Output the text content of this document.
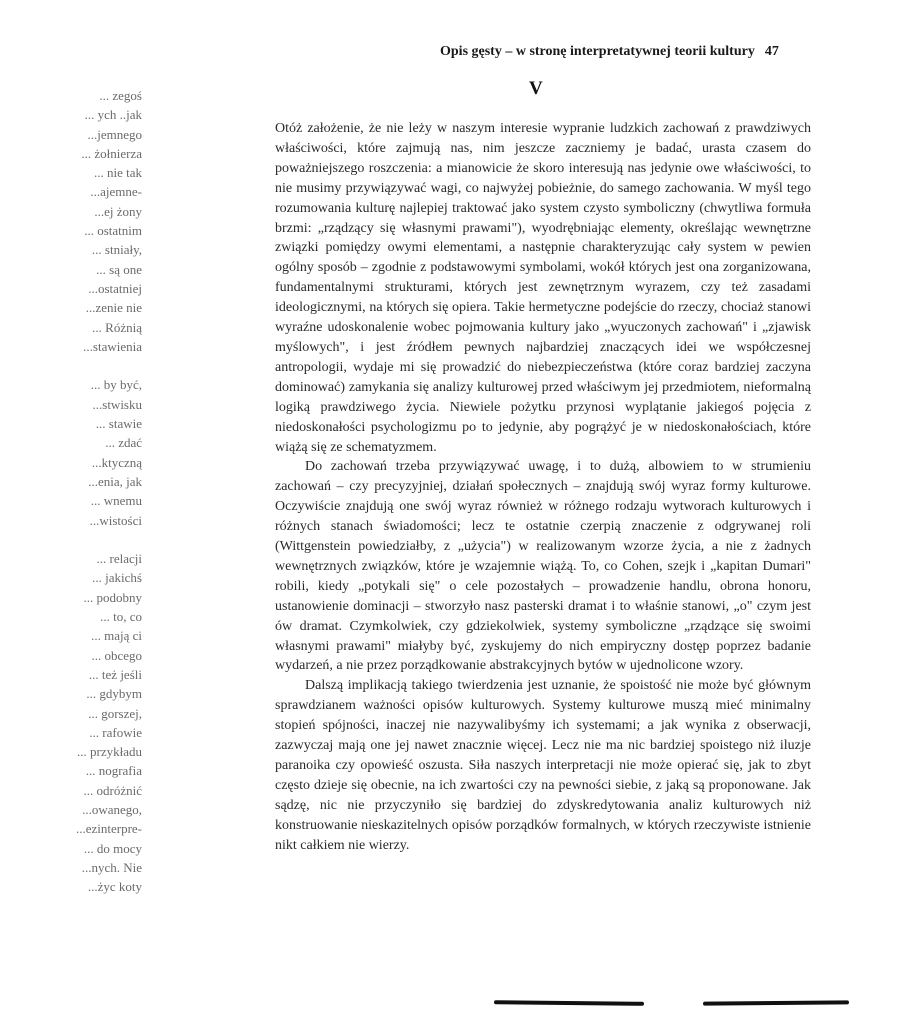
... zegoś
... ych ..jak
...jemnego
... żołnierza
... nie tak
...ajemne-
...ej żony
... ostatnim
... stniały,
... są one
...ostatniej
...zenie nie
... Różnią
...stawienia
... by być,
...stwisku
... stawie
... zdać
...ktyczną
...enia, jak
... wnemu
...wistości
... relacji
... jakichś
... podobny
... to, co
... mają ci
... obcego
... też jeśli
... gdybym
... gorszej,
... rafowie
... przykładu
... nografia
... odróżnić
...owanego,
...ezinterpre-
... do mocy
...nych. Nie
...życ koty
Opis gęsty – w stronę interpretatywnej teorii kultury 47
V

Otóż założenie, że nie leży w naszym interesie wypranie ludzkich zachowań z prawdziwych właściwości, które zajmują nas, nim jeszcze zaczniemy je badać, urasta czasem do poważniejszego roszczenia: a mianowicie że skoro interesują nas jedynie owe właściwości, to nie musimy przywiązywać wagi, co najwyżej pobieżnie, do samego zachowania. W myśl tego rozumowania kulturę najlepiej traktować jako system czysto symboliczny (chwytliwa formuła brzmi: „rządzący się własnymi prawami"), wyodrębniając elementy, określając wewnętrzne związki pomiędzy owymi elementami, a następnie charakteryzując cały system w pewien ogólny sposób – zgodnie z podstawowymi symbolami, wokół których jest ona zorganizowana, fundamentalnymi strukturami, których jest zewnętrznym wyrazem, czy też zasadami ideologicznymi, na których się opiera. Takie hermetyczne podejście do rzeczy, chociaż stanowi wyraźne udoskonalenie wobec pojmowania kultury jako „wyuczonych zachowań" i „zjawisk myślowych", i jest źródłem pewnych najbardziej znaczących idei we współczesnej antropologii, wydaje mi się prowadzić do niebezpieczeństwa (które coraz bardziej zaczyna dominować) zamykania się analizy kulturowej przed właściwym jej przedmiotem, nieformalną logiką prawdziwego życia. Niewiele pożytku przynosi wyplątanie jakiegoś pojęcia z niedoskonałości psychologizmu po to jedynie, aby pogrążyć je w niedoskonałościach, które wiążą się ze schematyzmem.

Do zachowań trzeba przywiązywać uwagę, i to dużą, albowiem to w strumieniu zachowań – czy precyzyjniej, działań społecznych – znajdują swój wyraz formy kulturowe. Oczywiście znajdują one swój wyraz również w różnego rodzaju wytworach kulturowych i różnych stanach świadomości; lecz te ostatnie czerpią znaczenie z odgrywanej roli (Wittgenstein powiedziałby, z „użycia") w realizowanym wzorze życia, a nie z żadnych wewnętrznych związków, które je wzajemnie wiążą. To, co Cohen, szejk i „kapitan Dumari" robili, kiedy „potykali się" o cele pozostałych – prowadzenie handlu, obrona honoru, ustanowienie dominacji – stworzyło nasz pasterski dramat i to właśnie stanowi, „o" czym jest ów dramat. Czymkolwiek, czy gdziekolwiek, systemy symboliczne „rządzące się swoimi własnymi prawami" miałyby być, zyskujemy do nich empiryczny dostęp poprzez badanie wydarzeń, a nie przez porządkowanie abstrakcyjnych bytów w ujednolicone wzory.

Dalszą implikacją takiego twierdzenia jest uznanie, że spoistość nie może być głównym sprawdzianem ważności opisów kulturowych. Systemy kulturowe muszą mieć minimalny stopień spójności, inaczej nie nazywalibyśmy ich systemami; a jak wynika z obserwacji, zazwyczaj mają one jej nawet znacznie więcej. Lecz nie ma nic bardziej spoistego niż iluzje paranoika czy opowieść oszusta. Siła naszych interpretacji nie może opierać się, jak to zbyt często dzieje się obecnie, na ich zwartości czy na pewności siebie, z jaką są proponowane. Jak sądzę, nic nie przyczyniło się bardziej do zdyskredytowania analiz kulturowych niż konstruowanie nieskazitelnych opisów porządków formalnych, w których rzeczywiste istnienie nikt całkiem nie wierzy.
